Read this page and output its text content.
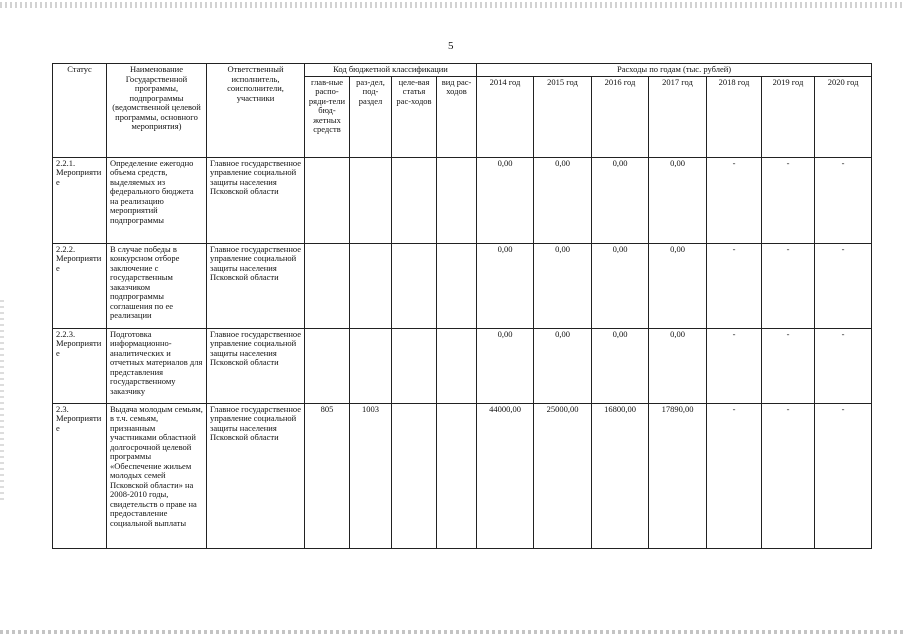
5
Статус	Наименование Государственной программы, подпрограммы (ведомственной целевой программы, основного мероприятия)	Ответственный исполнитель, соисполнители, участники	Код бюджетной классификации				Расходы по годам (тыс. рублей)						
			глав-ные распо-ряди-тели бюд-жетных средств	раз-дел, под-раздел	целе-вая статья рас-ходов	вид рас-ходов	2014 год	2015 год	2016 год	2017 год	2018 год	2019 год	2020 год
2.2.1. Мероприятие	Определение ежегодно объема средств, выделяемых из федерального бюджета на реализацию мероприятий подпрограммы	Главное государственное управление социальной защиты населения Псковской области					0,00	0,00	0,00	0,00	-	-	-
2.2.2. Мероприятие	В случае победы в конкурсном отборе заключение с государственным заказчиком подпрограммы соглашения по ее реализации	Главное государственное управление социальной защиты населения Псковской области					0,00	0,00	0,00	0,00	-	-	-
2.2.3. Мероприятие	Подготовка информационно-аналитических и отчетных материалов для представления государственному заказчику	Главное государственное управление социальной защиты населения Псковской области					0,00	0,00	0,00	0,00	-	-	-
2.3. Мероприятие	Выдача молодым семьям, в т.ч. семьям, признанным участниками областной долгосрочной целевой программы «Обеспечение жильем молодых семей Псковской области» на 2008-2010 годы, свидетельств о праве на предоставление социальной выплаты	Главное государственное управление социальной защиты населения Псковской области	805	1003			44000,00	25000,00	16800,00	17890,00	-	-	-
